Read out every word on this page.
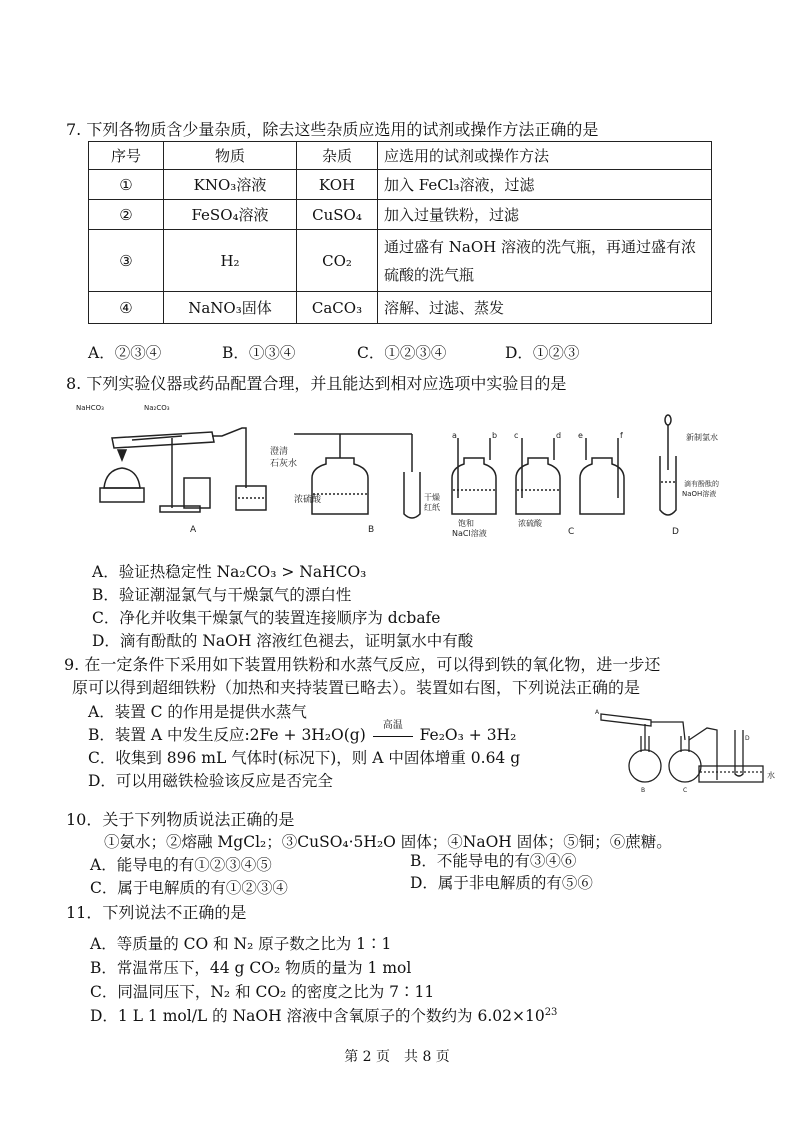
7. 下列各物质含少量杂质，除去这些杂质应选用的试剂或操作方法正确的是
序号	物质	杂质	应选用的试剂或操作方法
①	KNO₃溶液	KOH	加入 FeCl₃溶液，过滤
②	FeSO₄溶液	CuSO₄	加入过量铁粉，过滤
③	H₂	CO₂	通过盛有 NaOH 溶液的洗气瓶，再通过盛有浓硫酸的洗气瓶
④	NaNO₃固体	CaCO₃	溶解、过滤、蒸发
A．②③④	B．①③④	C．①②③④	D．①②③
8. 下列实验仪器或药品配置合理，并且能达到相对应选项中实验目的是
NaHCO₃	Na₂CO₃
澄清
石灰水
A
浓硫酸	干燥
红纸
B
a	b c	d e	f
饱和
NaCl溶液
浓硫酸
C
新制氯水
滴有酚酞的
NaOH溶液
D
A．验证热稳定性 Na₂CO₃ > NaHCO₃
B．验证潮湿氯气与干燥氯气的漂白性
C．净化并收集干燥氯气的装置连接顺序为 dcbafe
D．滴有酚酞的 NaOH 溶液红色褪去，证明氯水中有酸
9. 在一定条件下采用如下装置用铁粉和水蒸气反应，可以得到铁的氧化物，进一步还
原可以得到超细铁粉（加热和夹持装置已略去）。装置如右图，下列说法正确的是
A．装置 C 的作用是提供水蒸气
B．装置 A 中发生反应:2Fe + 3H₂O(g)
高温
Fe₂O₃ + 3H₂
C．收集到 896 mL 气体时(标况下)，则 A 中固体增重 0.64 g
D．可以用磁铁检验该反应是否完全
A
B	C
D
水
10．关于下列物质说法正确的是
①氨水；②熔融 MgCl₂；③CuSO₄·5H₂O 固体；④NaOH 固体；⑤铜；⑥蔗糖。
A．能导电的有①②③④⑤	B．不能导电的有③④⑥
C．属于电解质的有①②③④	D．属于非电解质的有⑤⑥
11．下列说法不正确的是
A．等质量的 CO 和 N₂ 原子数之比为 1∶1
B．常温常压下，44 g CO₂ 物质的量为 1 mol
C．同温同压下，N₂ 和 CO₂ 的密度之比为 7∶11
D．1 L 1 mol/L 的 NaOH 溶液中含氧原子的个数约为 $6.02\times 10^{23}$
第 2 页　共 8 页
